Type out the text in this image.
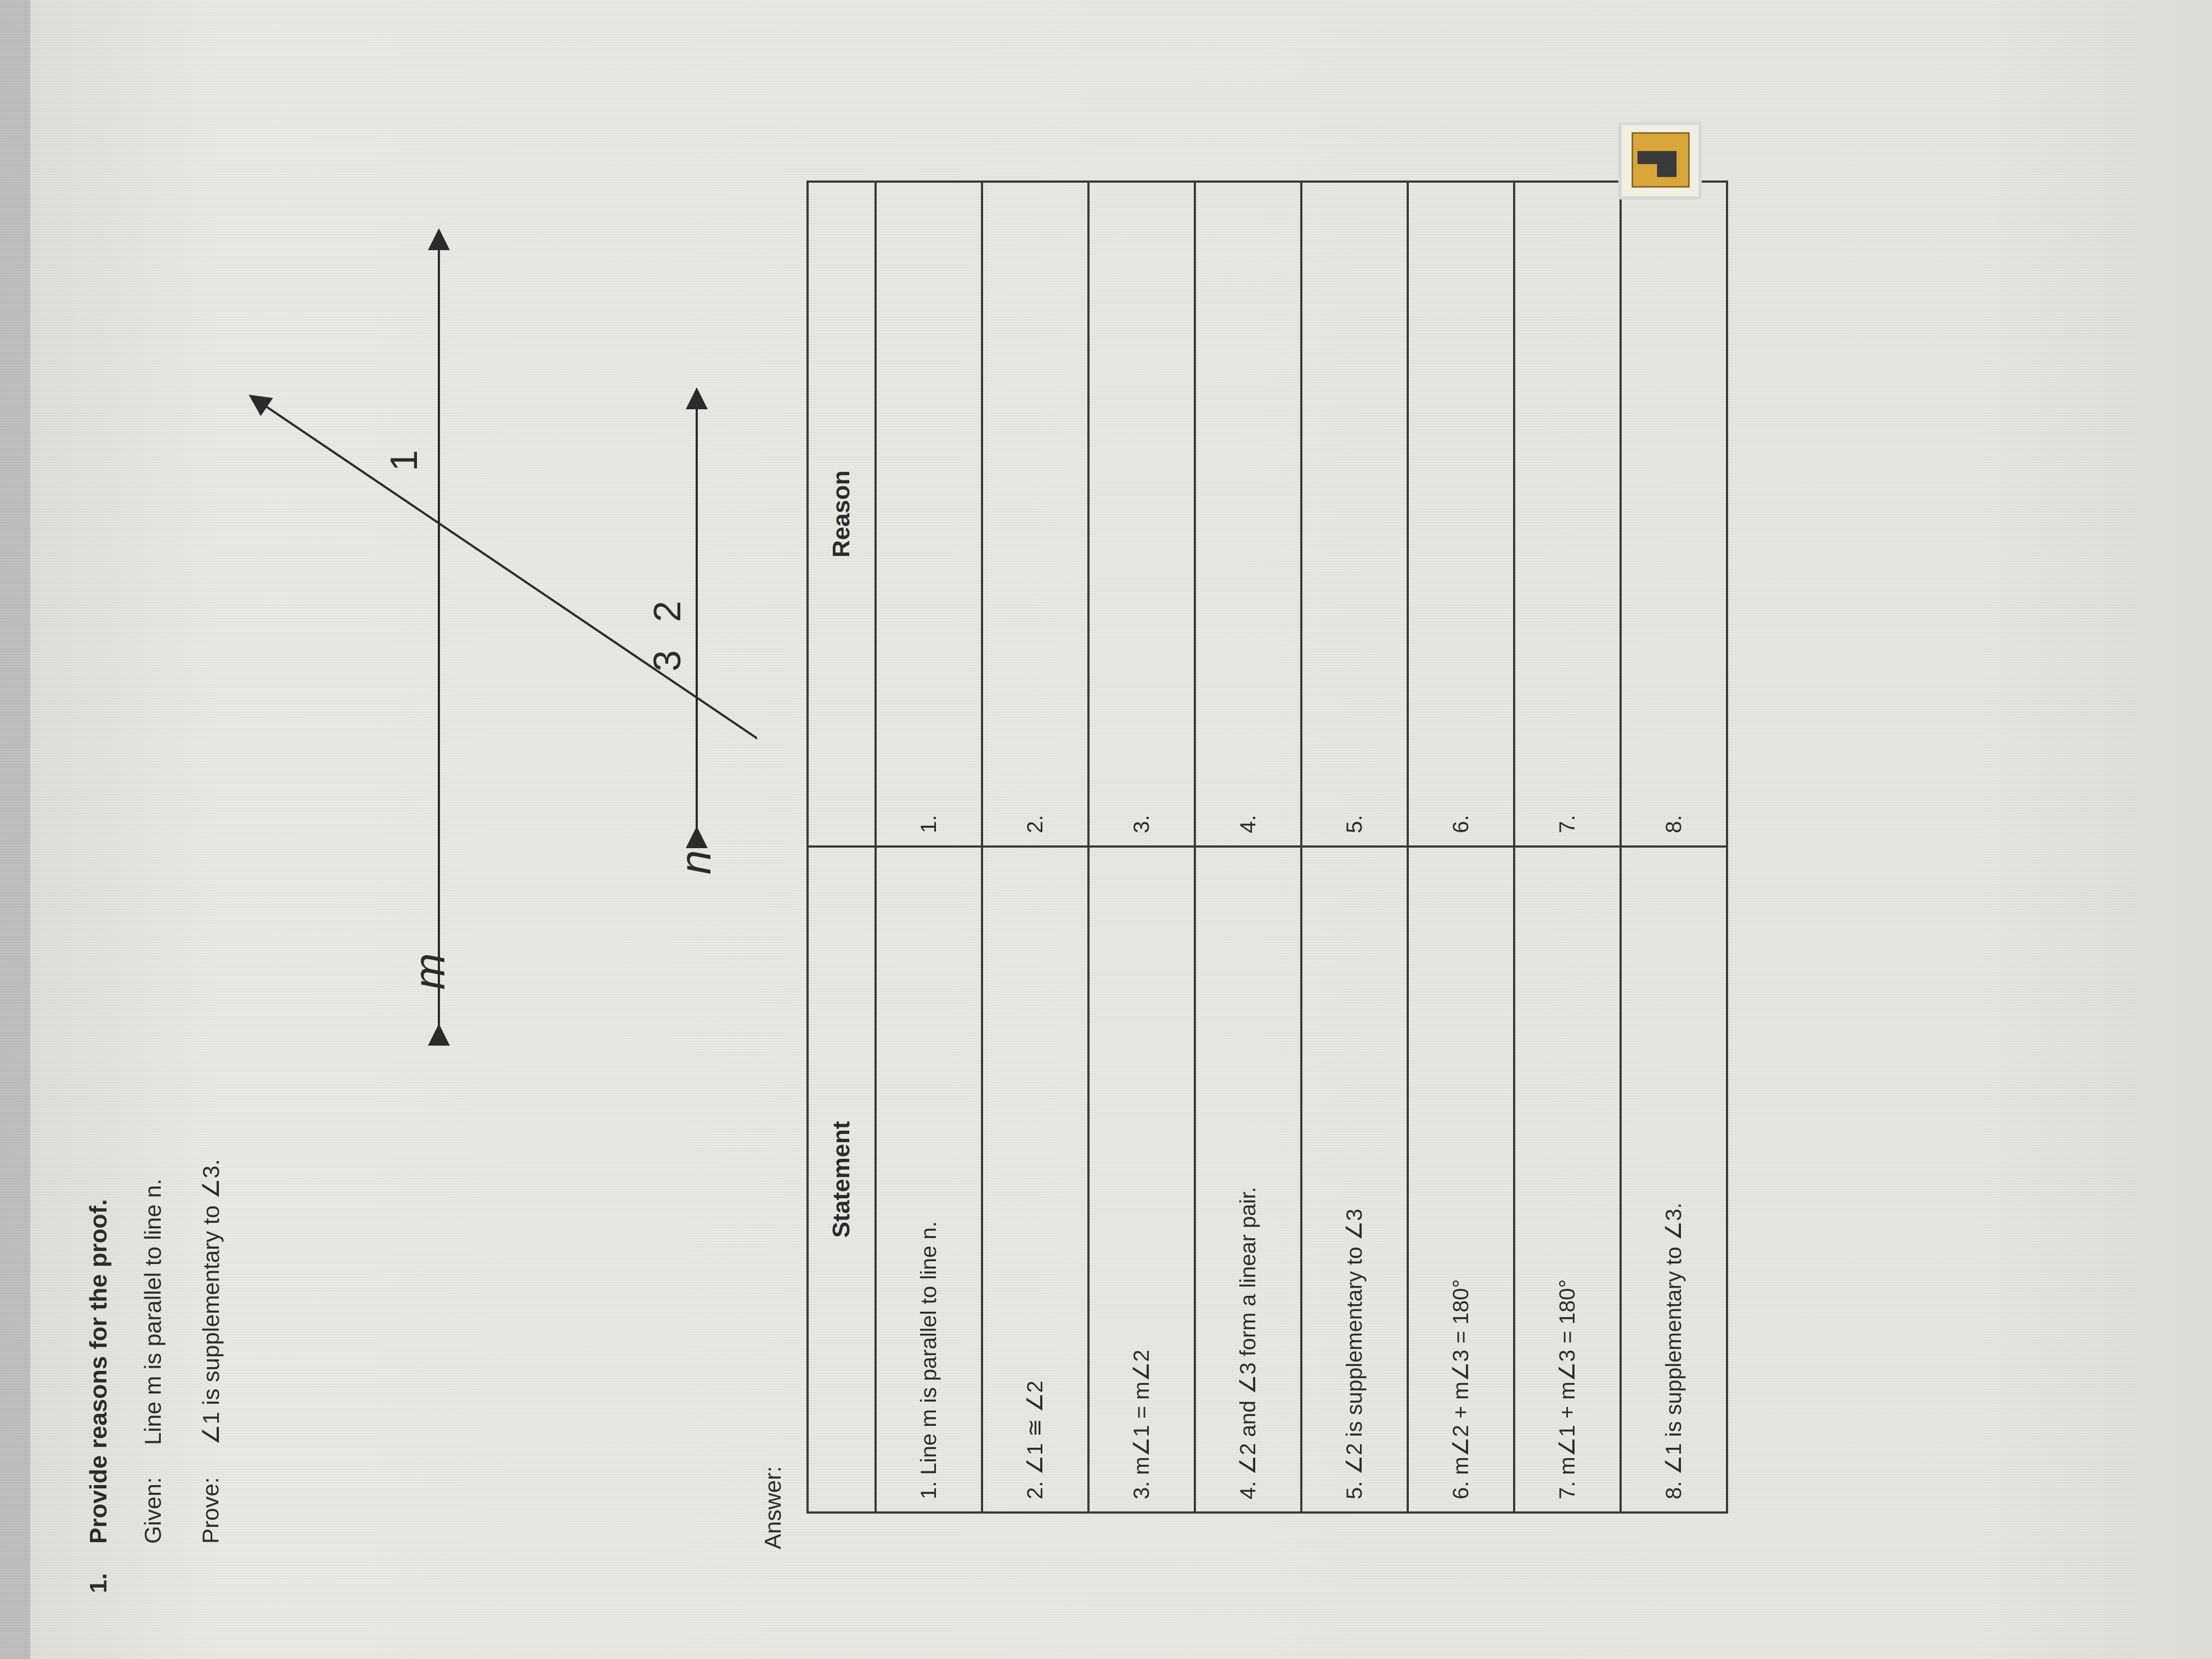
1.
Provide reasons for the proof. Given:
Line m is parallel to line n.
Prove:
∠1 is supplementary to ∠3.
m
n
1
2
3
Answer:
Statement	Reason
1. Line m is parallel to line n.	1.
2. ∠1 ≅ ∠2	2.
3. m∠1 = m∠2	3.
4. ∠2 and ∠3 form a linear pair.	4.
5. ∠2 is supplementary to ∠3	5.
6. m∠2 + m∠3 = 180°	6.
7. m∠1 + m∠3 = 180°	7.
8. ∠1 is supplementary to ∠3.	8.
▟
